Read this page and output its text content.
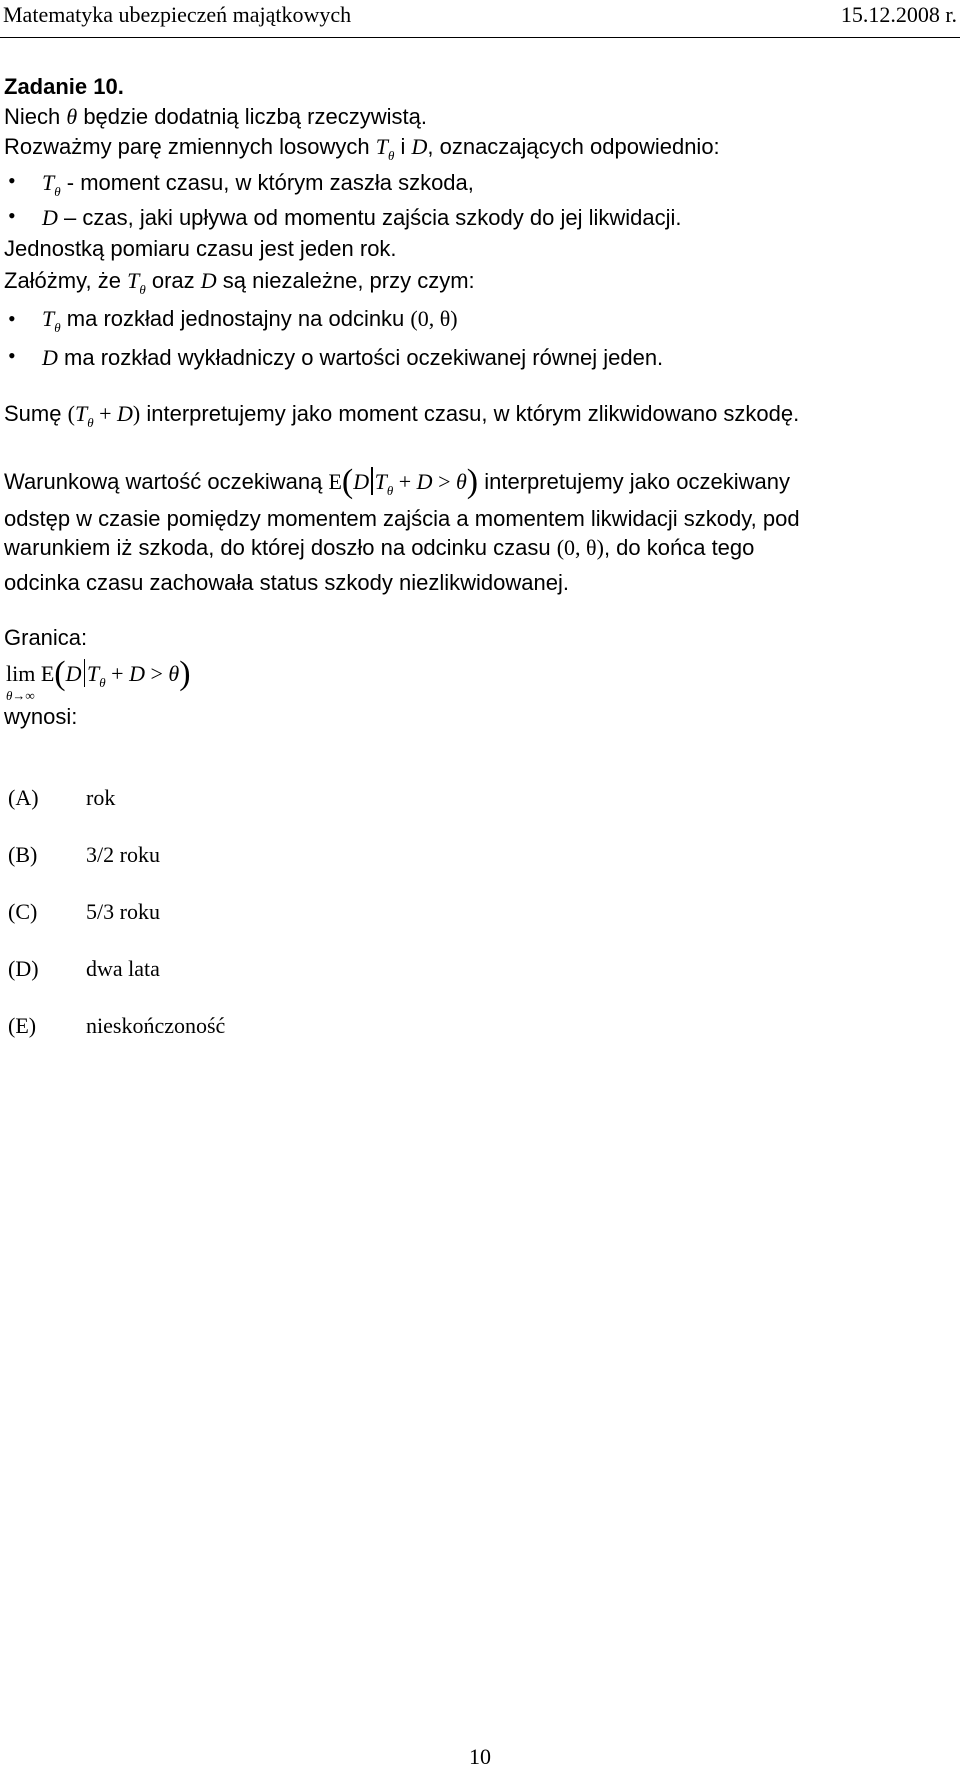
Matematyka ubezpieczeń majątkowych	15.12.2008 r.
Zadanie 10.
Niech θ będzie dodatnią liczbą rzeczywistą.
Rozważmy parę zmiennych losowych $T_\theta$ i D, oznaczających odpowiednio:
• $T_\theta$ - moment czasu, w którym zaszła szkoda,
• D – czas, jaki upływa od momentu zajścia szkody do jej likwidacji.
Jednostką pomiaru czasu jest jeden rok.
Załóżmy, że $T_\theta$ oraz D są niezależne, przy czym:
• $T_\theta$ ma rozkład jednostajny na odcinku (0, θ)
• D ma rozkład wykładniczy o wartości oczekiwanej równej jeden.
Sumę $(T_\theta + D)$ interpretujemy jako moment czasu, w którym zlikwidowano szkodę.
Warunkową wartość oczekiwaną E(D $T_\theta + D > \theta$) interpretujemy jako oczekiwany
odstęp w czasie pomiędzy momentem zajścia a momentem likwidacji szkody, pod
warunkiem iż szkoda, do której doszło na odcinku czasu (0, θ), do końca tego
odcinka czasu zachowała status szkody niezlikwidowanej.
Granica:
lim
θ→∞
E(D $T_\theta + D > \theta$)
wynosi:
(A) rok
(B) 3/2 roku
(C) 5/3 roku
(D) dwa lata
(E) nieskończoność
10
